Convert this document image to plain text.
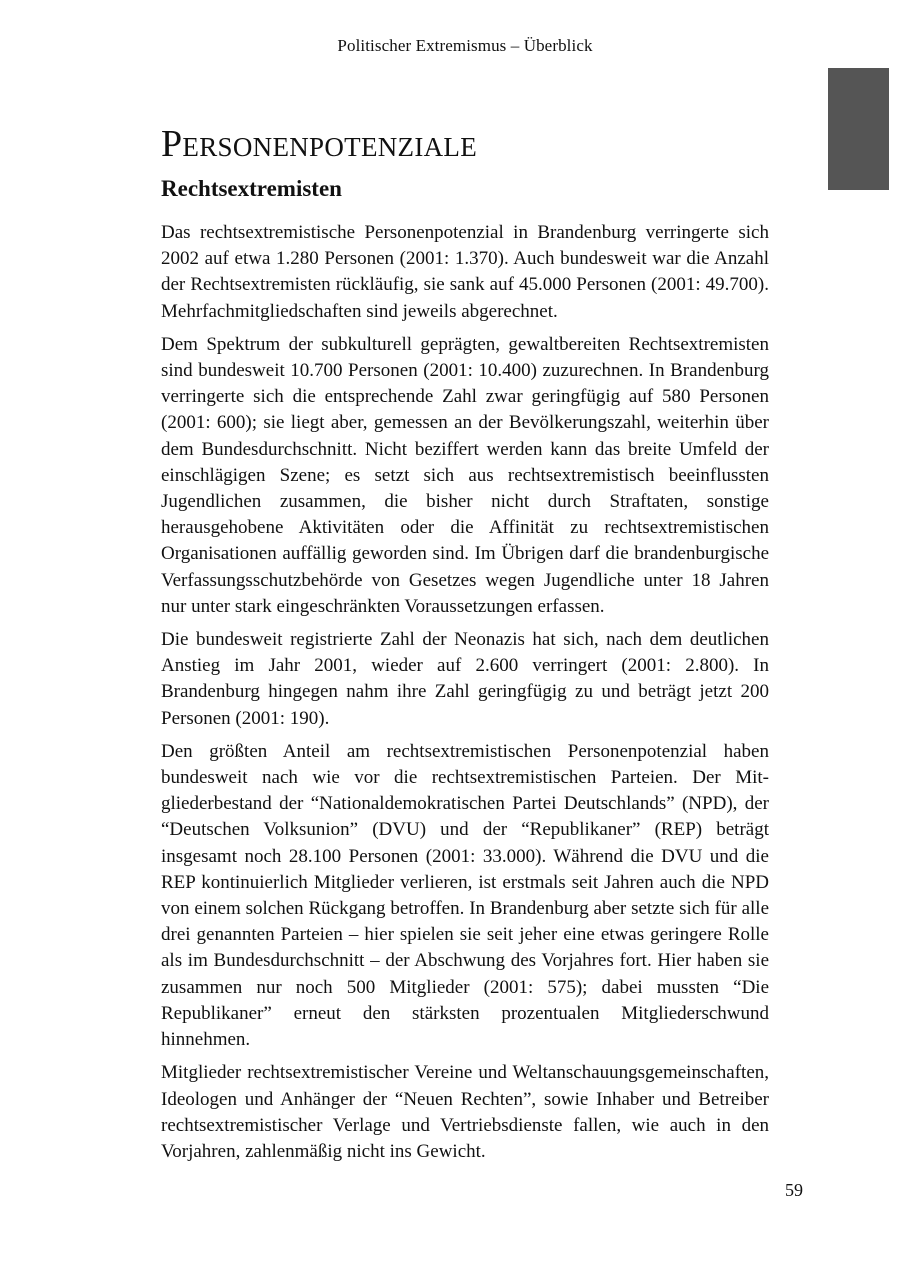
Politischer Extremismus – Überblick
Personenpotenziale
Rechtsextremisten

Das rechtsextremistische Personenpotenzial in Brandenburg verringerte sich 2002 auf etwa 1.280 Personen (2001: 1.370). Auch bundesweit war die Anzahl der Rechtsextremisten rückläufig, sie sank auf 45.000 Personen (2001: 49.700). Mehrfachmitgliedschaften sind jeweils abgerechnet.

Dem Spektrum der subkulturell geprägten, gewaltbereiten Rechtsextremisten sind bundesweit 10.700 Personen (2001: 10.400) zuzurechnen. In Brandenburg verringerte sich die entsprechende Zahl zwar geringfügig auf 580 Personen (2001: 600); sie liegt aber, gemessen an der Bevölkerungszahl, weiterhin über dem Bundesdurchschnitt. Nicht beziffert werden kann das breite Umfeld der einschlägigen Szene; es setzt sich aus rechtsextremistisch beeinflussten Jugendlichen zusammen, die bisher nicht durch Straftaten, sonstige herausgehobene Aktivitäten oder die Affinität zu rechtsextremistischen Organisationen auffällig geworden sind. Im Übrigen darf die brandenburgische Verfassungsschutzbehörde von Gesetzes wegen Jugendliche unter 18 Jahren nur unter stark eingeschränkten Voraussetzungen erfassen.

Die bundesweit registrierte Zahl der Neonazis hat sich, nach dem deutlichen Anstieg im Jahr 2001, wieder auf 2.600 verringert (2001: 2.800). In Brandenburg hingegen nahm ihre Zahl geringfügig zu und beträgt jetzt 200 Personen (2001: 190).

Den größten Anteil am rechtsextremistischen Personenpotenzial haben bundesweit nach wie vor die rechtsextremistischen Parteien. Der Mitgliederbestand der “Nationaldemokratischen Partei Deutschlands” (NPD), der “Deutschen Volksunion” (DVU) und der “Republikaner” (REP) beträgt insgesamt noch 28.100 Personen (2001: 33.000). Während die DVU und die REP kontinuierlich Mitglieder verlieren, ist erstmals seit Jahren auch die NPD von einem solchen Rückgang betroffen. In Brandenburg aber setzte sich für alle drei genannten Parteien – hier spielen sie seit jeher eine etwas geringere Rolle als im Bundesdurchschnitt – der Abschwung des Vorjahres fort. Hier haben sie zusammen nur noch 500 Mitglieder (2001: 575); dabei mussten “Die Republikaner” erneut den stärksten prozentualen Mitgliederschwund hinnehmen.

Mitglieder rechtsextremistischer Vereine und Weltanschauungsgemeinschaften, Ideologen und Anhänger der “Neuen Rechten”, sowie Inhaber und Betreiber rechtsextremistischer Verlage und Vertriebsdienste fallen, wie auch in den Vorjahren, zahlenmäßig nicht ins Gewicht.

59
